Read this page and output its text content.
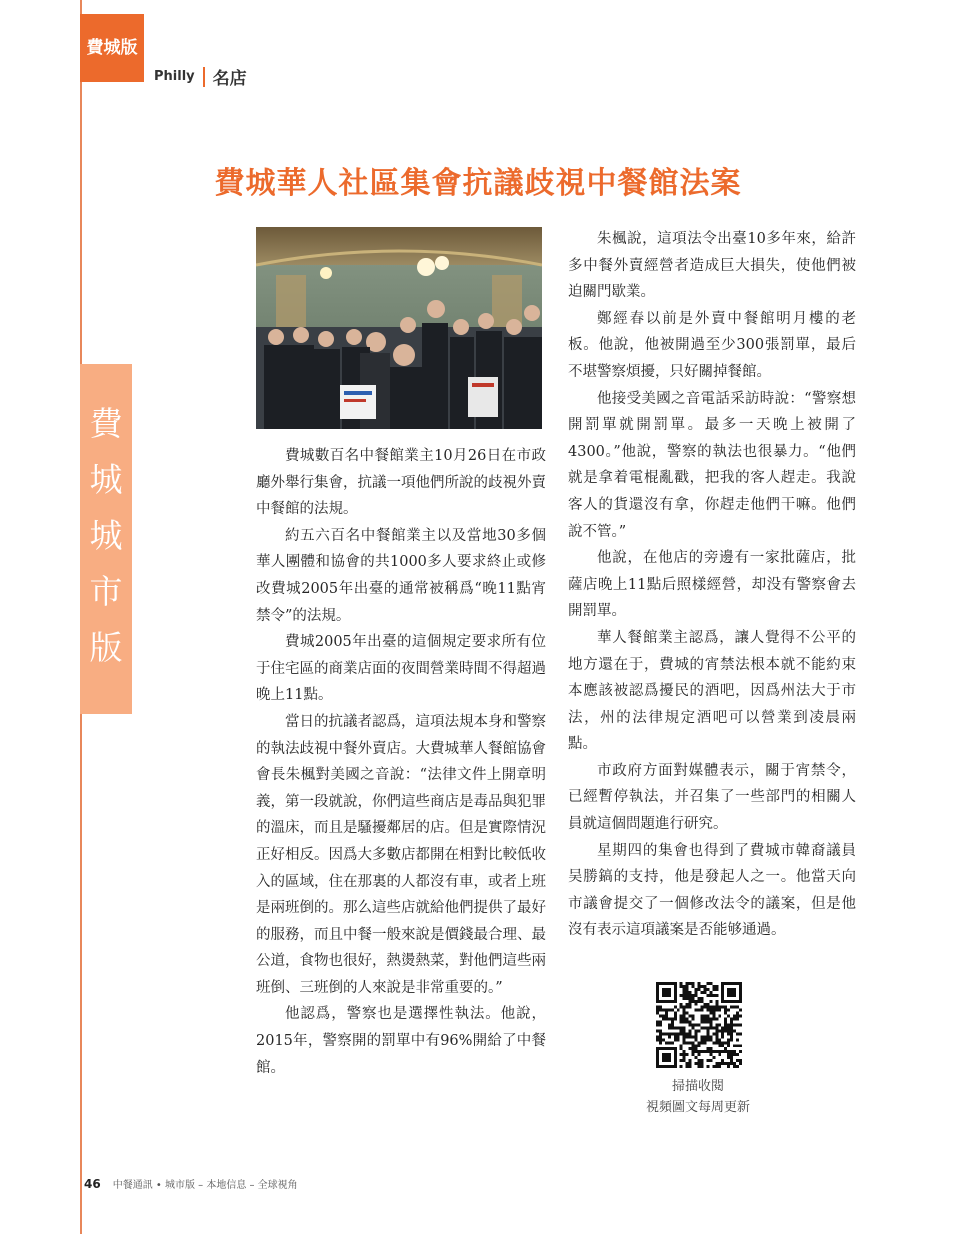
費城版
Philly 名店
費
城
城
市
版
費城華人社區集會抗議歧視中餐館法案

費城數百名中餐館業主10月26日在市政廳外舉行集會，抗議一項他們所說的歧視外賣中餐館的法規。

約五六百名中餐館業主以及當地30多個華人團體和協會的共1000多人要求終止或修改費城2005年出臺的通常被稱爲“晚11點宵禁令”的法規。

費城2005年出臺的這個規定要求所有位于住宅區的商業店面的夜間營業時間不得超過晚上11點。

當日的抗議者認爲，這項法規本身和警察的執法歧視中餐外賣店。大費城華人餐館協會會長朱楓對美國之音說：“法律文件上開章明義，第一段就說，你們這些商店是毒品與犯罪的溫床，而且是騷擾鄰居的店。但是實際情況正好相反。因爲大多數店都開在相對比較低收入的區域，住在那裏的人都沒有車，或者上班是兩班倒的。那么這些店就給他們提供了最好的服務，而且中餐一般來說是價錢最合理、最公道，食物也很好，熱燙熱菜，對他們這些兩班倒、三班倒的人來說是非常重要的。”

他認爲，警察也是選擇性執法。他說，2015年，警察開的罰單中有96%開給了中餐館。

朱楓說，這項法令出臺10多年來，給許多中餐外賣經營者造成巨大損失，使他們被迫關門歇業。

鄭經春以前是外賣中餐館明月樓的老板。他說，他被開過至少300張罰單，最后不堪警察煩擾，只好關掉餐館。

他接受美國之音電話采訪時說：“警察想開罰單就開罰單。最多一天晚上被開了4300。”他說，警察的執法也很暴力。“他們就是拿着電棍亂戳，把我的客人趕走。我說客人的貨還沒有拿，你趕走他們干嘛。他們說不管。”

他說，在他店的旁邊有一家批薩店，批薩店晚上11點后照樣經營，却没有警察會去開罰單。

華人餐館業主認爲，讓人覺得不公平的地方還在于，費城的宵禁法根本就不能約束本應該被認爲擾民的酒吧，因爲州法大于市法，州的法律規定酒吧可以營業到凌晨兩點。

市政府方面對媒體表示，關于宵禁令，已經暫停執法，并召集了一些部門的相關人員就這個問題進行研究。

星期四的集會也得到了費城市韓裔議員吴勝鎬的支持，他是發起人之一。他當天向市議會提交了一個修改法令的議案，但是他沒有表示這項議案是否能够通過。

掃描收閱
視頻圖文每周更新
46 中餐通訊 • 城市版 – 本地信息 – 全球視角
